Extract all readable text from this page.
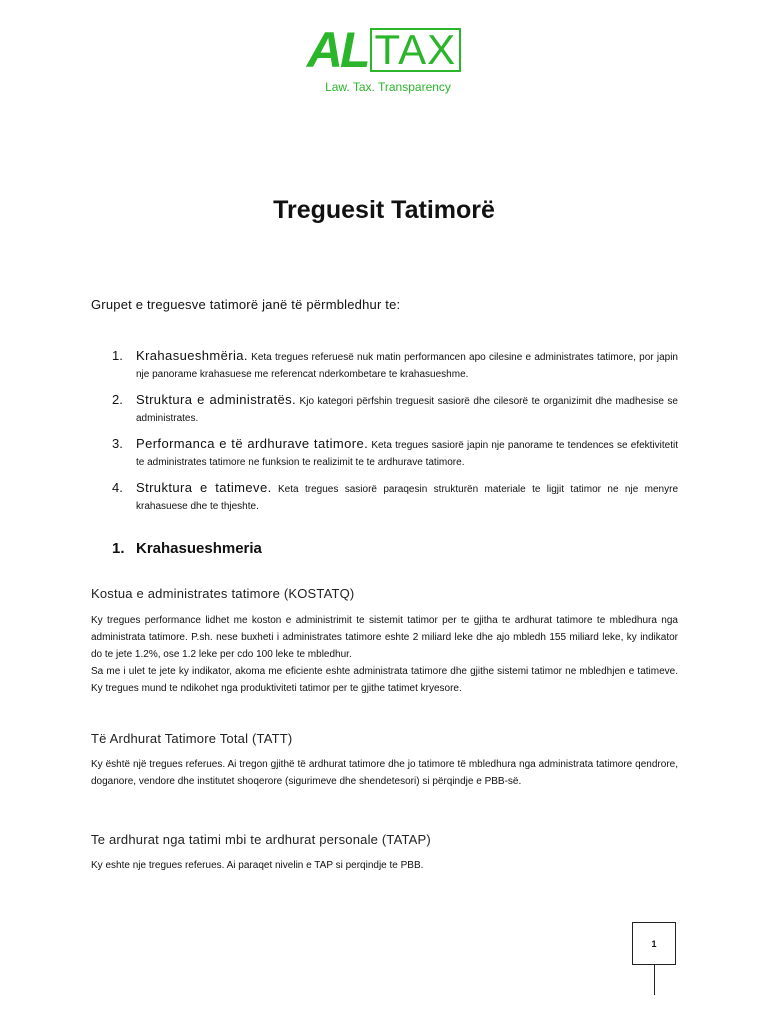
AL TAX
Law. Tax. Transparency
Treguesit Tatimorë

Grupet e treguesve tatimorë janë të përmbledhur te:

1.	Krahasueshmëria. Keta tregues referuesë nuk matin performancen apo cilesine e administrates tatimore, por japin nje panorame krahasuese me referencat nderkombetare te krahasueshme.
2.	Struktura e administratës. Kjo kategori përfshin treguesit sasiorë dhe cilesorë te organizimit dhe madhesise se administrates.
3.	Performanca e të ardhurave tatimore. Keta tregues sasiorë japin nje panorame te tendences se efektivitetit te administrates tatimore ne funksion te realizimit te te ardhurave tatimore.
4.	Struktura e tatimeve. Keta tregues sasiorë paraqesin strukturën materiale te ligjit tatimor ne nje menyre krahasuese dhe te thjeshte.
1. Krahasueshmeria

Kostua e administrates tatimore (KOSTATQ)

Ky tregues performance lidhet me koston e administrimit te sistemit tatimor per te gjitha te ardhurat tatimore te mbledhura nga administrata tatimore. P.sh. nese buxheti i administrates tatimore eshte 2 miliard leke dhe ajo mbledh 155 miliard leke, ky indikator do te jete 1.2%, ose 1.2 leke per cdo 100 leke te mbledhur.

Sa me i ulet te jete ky indikator, akoma me eficiente eshte administrata tatimore dhe gjithe sistemi tatimor ne mbledhjen e tatimeve. Ky tregues mund te ndikohet nga produktiviteti tatimor per te gjithe tatimet kryesore.

Të Ardhurat Tatimore Total (TATT)

Ky është një tregues referues. Ai tregon gjithë të ardhurat tatimore dhe jo tatimore të mbledhura nga administrata tatimore qendrore, doganore, vendore dhe institutet shoqerore (sigurimeve dhe shendetesori) si përqindje e PBB-së.

Te ardhurat nga tatimi mbi te ardhurat personale (TATAP)

Ky eshte nje tregues referues. Ai paraqet nivelin e TAP si perqindje te PBB.

1
